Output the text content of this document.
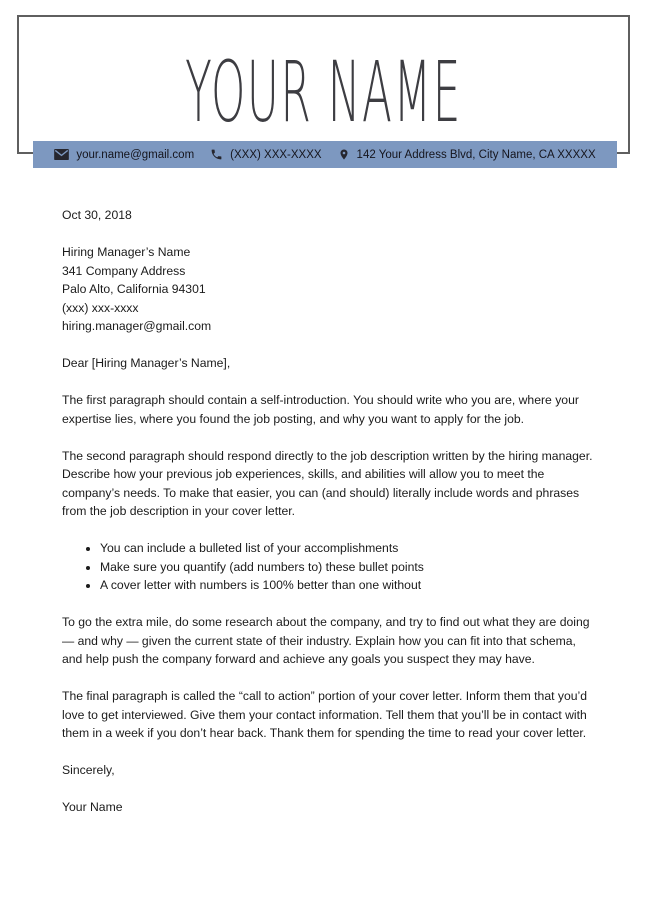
YOUR NAME
your.name@gmail.com	(XXX) XXX-XXXX	142 Your Address Blvd, City Name, CA XXXXX

Oct 30, 2018

Hiring Manager’s Name
341 Company Address
Palo Alto, California 94301
(xxx) xxx-xxxx
hiring.manager@gmail.com

Dear [Hiring Manager’s Name],

The first paragraph should contain a self-introduction. You should write who you are, where your expertise lies, where you found the job posting, and why you want to apply for the job.

The second paragraph should respond directly to the job description written by the hiring manager. Describe how your previous job experiences, skills, and abilities will allow you to meet the company’s needs. To make that easier, you can (and should) literally include words and phrases from the job description in your cover letter.

• You can include a bulleted list of your accomplishments
• Make sure you quantify (add numbers to) these bullet points
• A cover letter with numbers is 100% better than one without

To go the extra mile, do some research about the company, and try to find out what they are doing — and why — given the current state of their industry. Explain how you can fit into that schema, and help push the company forward and achieve any goals you suspect they may have.

The final paragraph is called the “call to action” portion of your cover letter. Inform them that you’d love to get interviewed. Give them your contact information. Tell them that you’ll be in contact with them in a week if you don’t hear back. Thank them for spending the time to read your cover letter.

Sincerely,

Your Name
